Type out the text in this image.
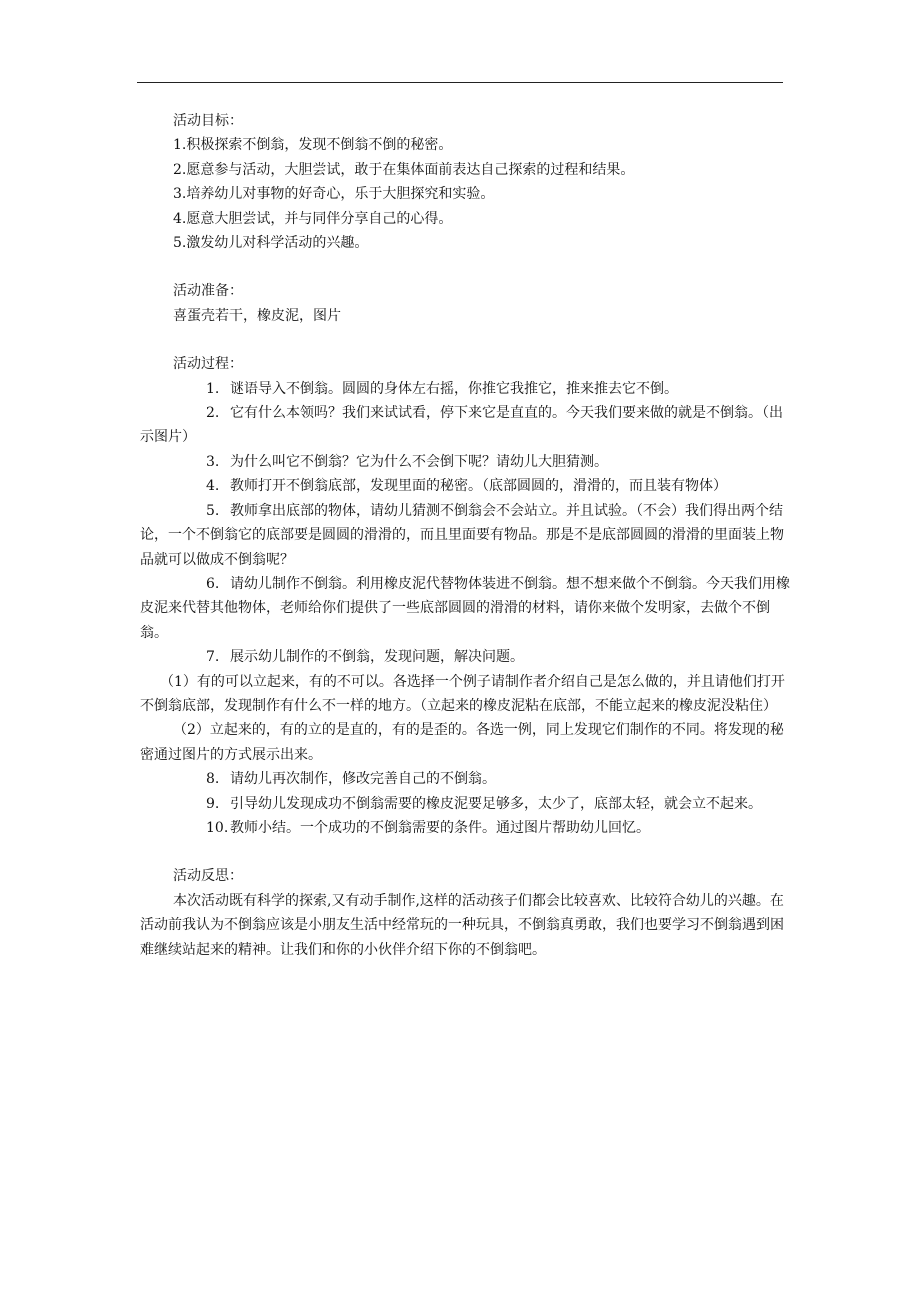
活动目标：

1.积极探索不倒翁，发现不倒翁不倒的秘密。

2.愿意参与活动，大胆尝试，敢于在集体面前表达自己探索的过程和结果。

3.培养幼儿对事物的好奇心，乐于大胆探究和实验。

4.愿意大胆尝试，并与同伴分享自己的心得。

5.激发幼儿对科学活动的兴趣。

活动准备：

喜蛋壳若干，橡皮泥，图片

活动过程：

1. 谜语导入不倒翁。圆圆的身体左右摇，你推它我推它，推来推去它不倒。

2. 它有什么本领吗？我们来试试看，停下来它是直直的。今天我们要来做的就是不倒翁。（出示图片）

3. 为什么叫它不倒翁？它为什么不会倒下呢？请幼儿大胆猜测。

4. 教师打开不倒翁底部，发现里面的秘密。（底部圆圆的，滑滑的，而且装有物体）

5. 教师拿出底部的物体，请幼儿猜测不倒翁会不会站立。并且试验。（不会）我们得出两个结论，一个不倒翁它的底部要是圆圆的滑滑的，而且里面要有物品。那是不是底部圆圆的滑滑的里面装上物品就可以做成不倒翁呢？

6. 请幼儿制作不倒翁。利用橡皮泥代替物体装进不倒翁。想不想来做个不倒翁。今天我们用橡皮泥来代替其他物体，老师给你们提供了一些底部圆圆的滑滑的材料，请你来做个发明家，去做个不倒翁。

7. 展示幼儿制作的不倒翁，发现问题，解决问题。

（1）有的可以立起来，有的不可以。各选择一个例子请制作者介绍自己是怎么做的，并且请他们打开不倒翁底部，发现制作有什么不一样的地方。（立起来的橡皮泥粘在底部，不能立起来的橡皮泥没粘住）

（2）立起来的，有的立的是直的，有的是歪的。各选一例，同上发现它们制作的不同。将发现的秘密通过图片的方式展示出来。

8. 请幼儿再次制作，修改完善自己的不倒翁。

9. 引导幼儿发现成功不倒翁需要的橡皮泥要足够多，太少了，底部太轻，就会立不起来。

10. 教师小结。一个成功的不倒翁需要的条件。通过图片帮助幼儿回忆。

活动反思：

本次活动既有科学的探索,又有动手制作,这样的活动孩子们都会比较喜欢、比较符合幼儿的兴趣。在活动前我认为不倒翁应该是小朋友生活中经常玩的一种玩具，不倒翁真勇敢，我们也要学习不倒翁遇到困难继续站起来的精神。让我们和你的小伙伴介绍下你的不倒翁吧。
